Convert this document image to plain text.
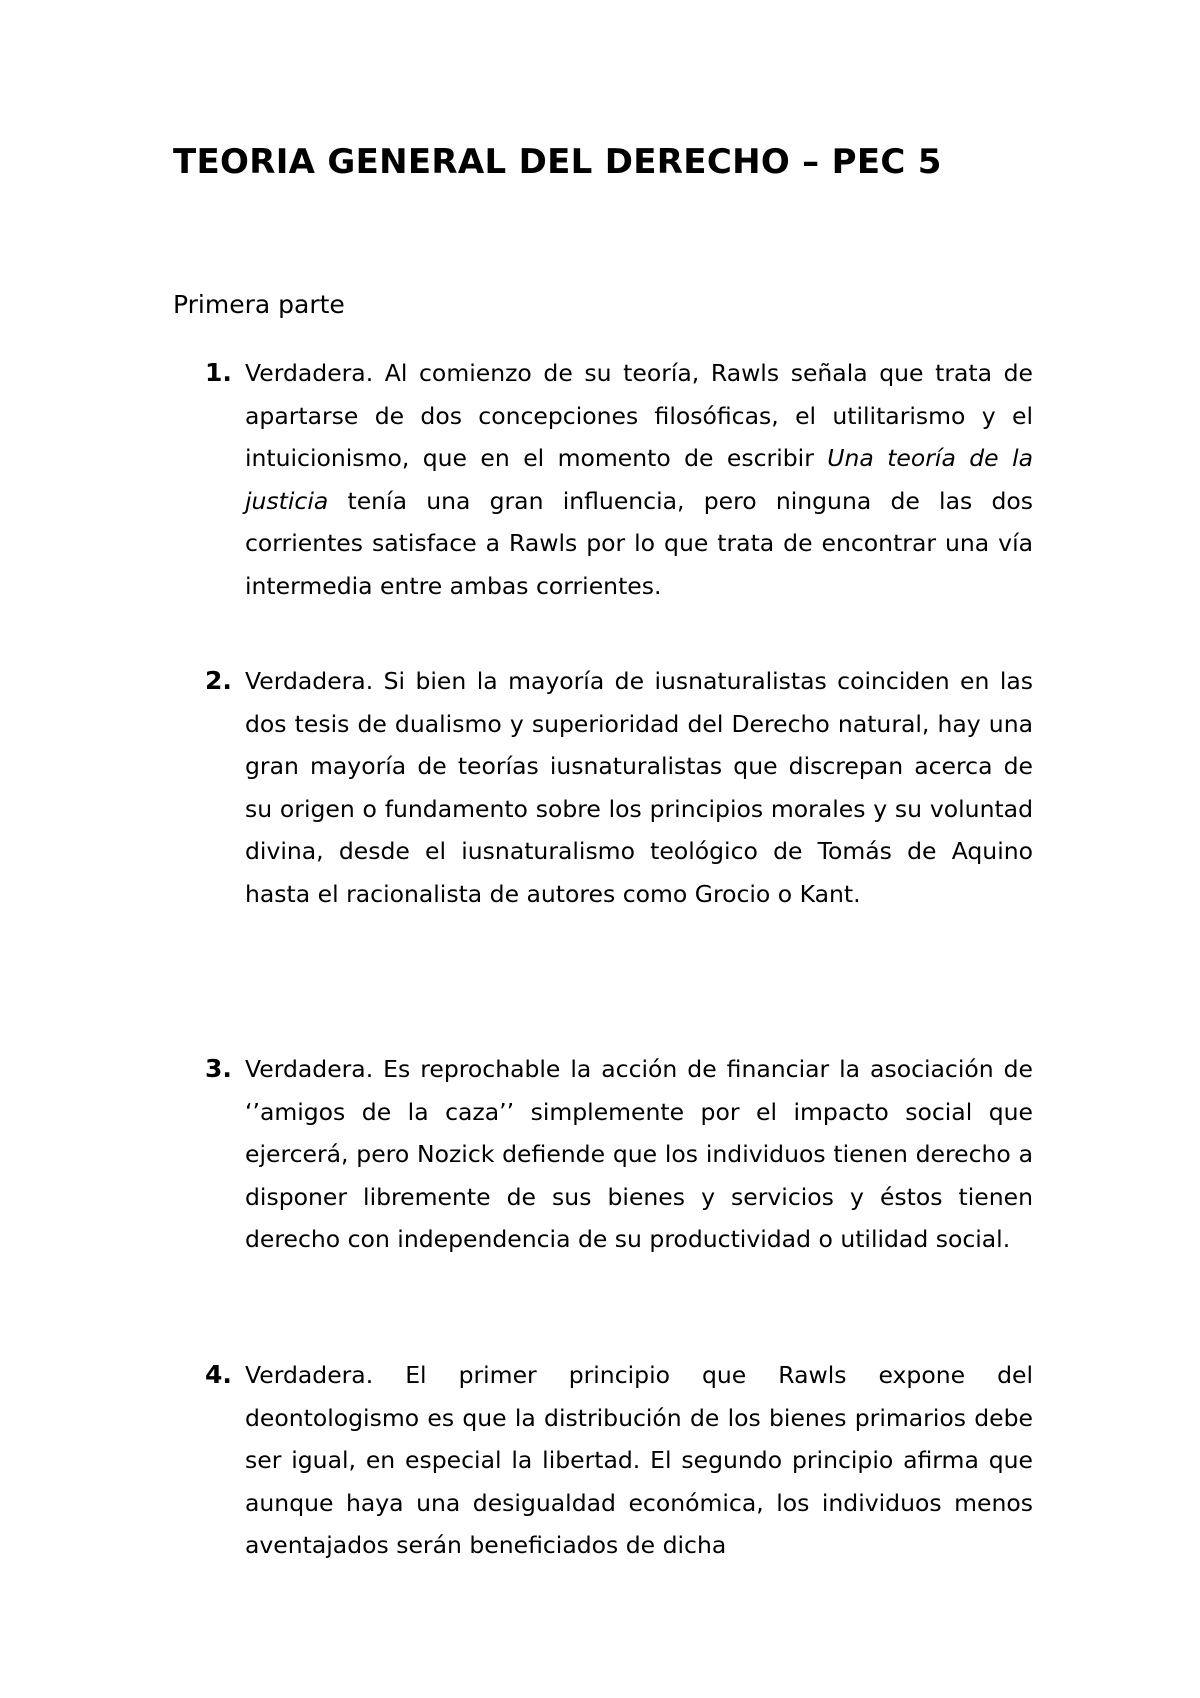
TEORIA GENERAL DEL DERECHO – PEC 5
Primera parte
1. Verdadera. Al comienzo de su teoría, Rawls señala que trata de apartarse de dos concepciones filosóficas, el utilitarismo y el intuicionismo, que en el momento de escribir Una teoría de la justicia tenía una gran influencia, pero ninguna de las dos corrientes satisface a Rawls por lo que trata de encontrar una vía intermedia entre ambas corrientes.

2. Verdadera. Si bien la mayoría de iusnaturalistas coinciden en las dos tesis de dualismo y superioridad del Derecho natural, hay una gran mayoría de teorías iusnaturalistas que discrepan acerca de su origen o fundamento sobre los principios morales y su voluntad divina, desde el iusnaturalismo teológico de Tomás de Aquino hasta el racionalista de autores como Grocio o Kant.

3. Verdadera. Es reprochable la acción de financiar la asociación de ‘’amigos de la caza’’ simplemente por el impacto social que ejercerá, pero Nozick defiende que los individuos tienen derecho a disponer libremente de sus bienes y servicios y éstos tienen derecho con independencia de su productividad o utilidad social.

4. Verdadera. El primer principio que Rawls expone del deontologismo es que la distribución de los bienes primarios debe ser igual, en especial la libertad. El segundo principio afirma que aunque haya una desigualdad económica, los individuos menos aventajados serán beneficiados de dicha
